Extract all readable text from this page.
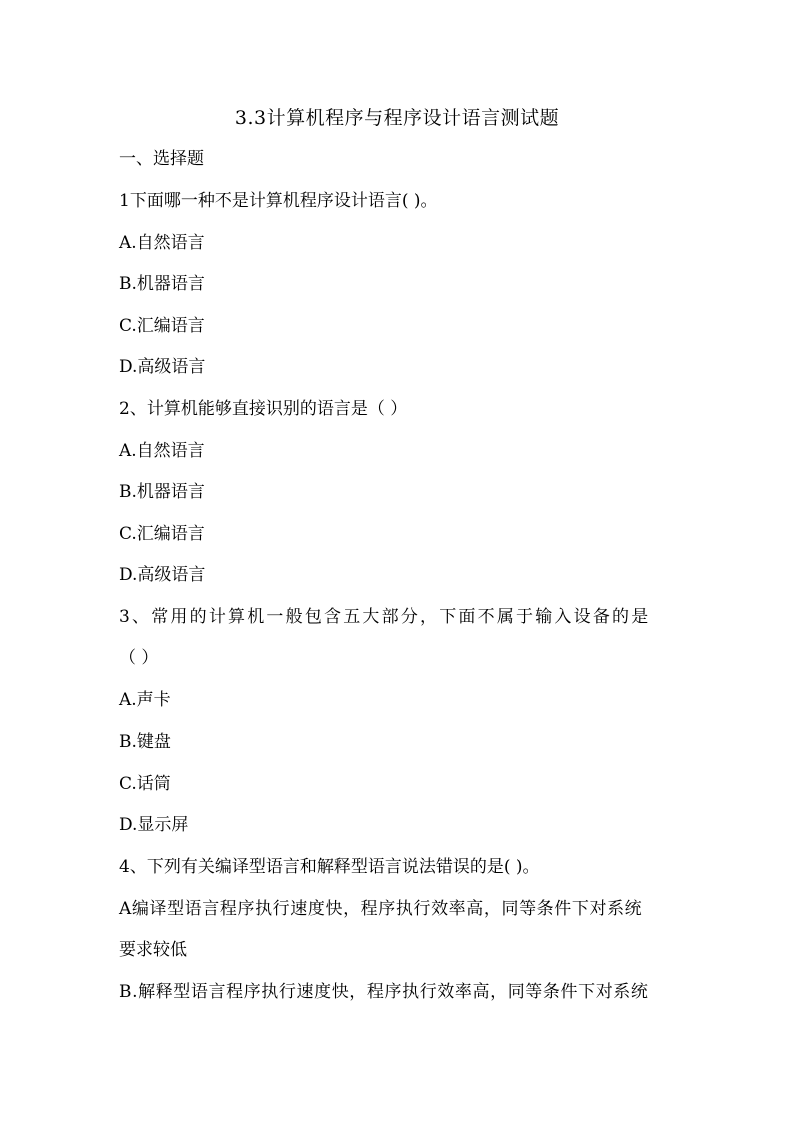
3.3计算机程序与程序设计语言测试题
一、选择题
1下面哪一种不是计算机程序设计语言( )。
A.自然语言
B.机器语言
C.汇编语言
D.高级语言
2、计算机能够直接识别的语言是（ ）
A.自然语言
B.机器语言
C.汇编语言
D.高级语言
3、常用的计算机一般包含五大部分，下面不属于输入设备的是
（ ）
A.声卡
B.键盘
C.话筒
D.显示屏
4、下列有关编译型语言和解释型语言说法错误的是( )。
A编译型语言程序执行速度快，程序执行效率高，同等条件下对系统
要求较低
B.解释型语言程序执行速度快，程序执行效率高，同等条件下对系统
